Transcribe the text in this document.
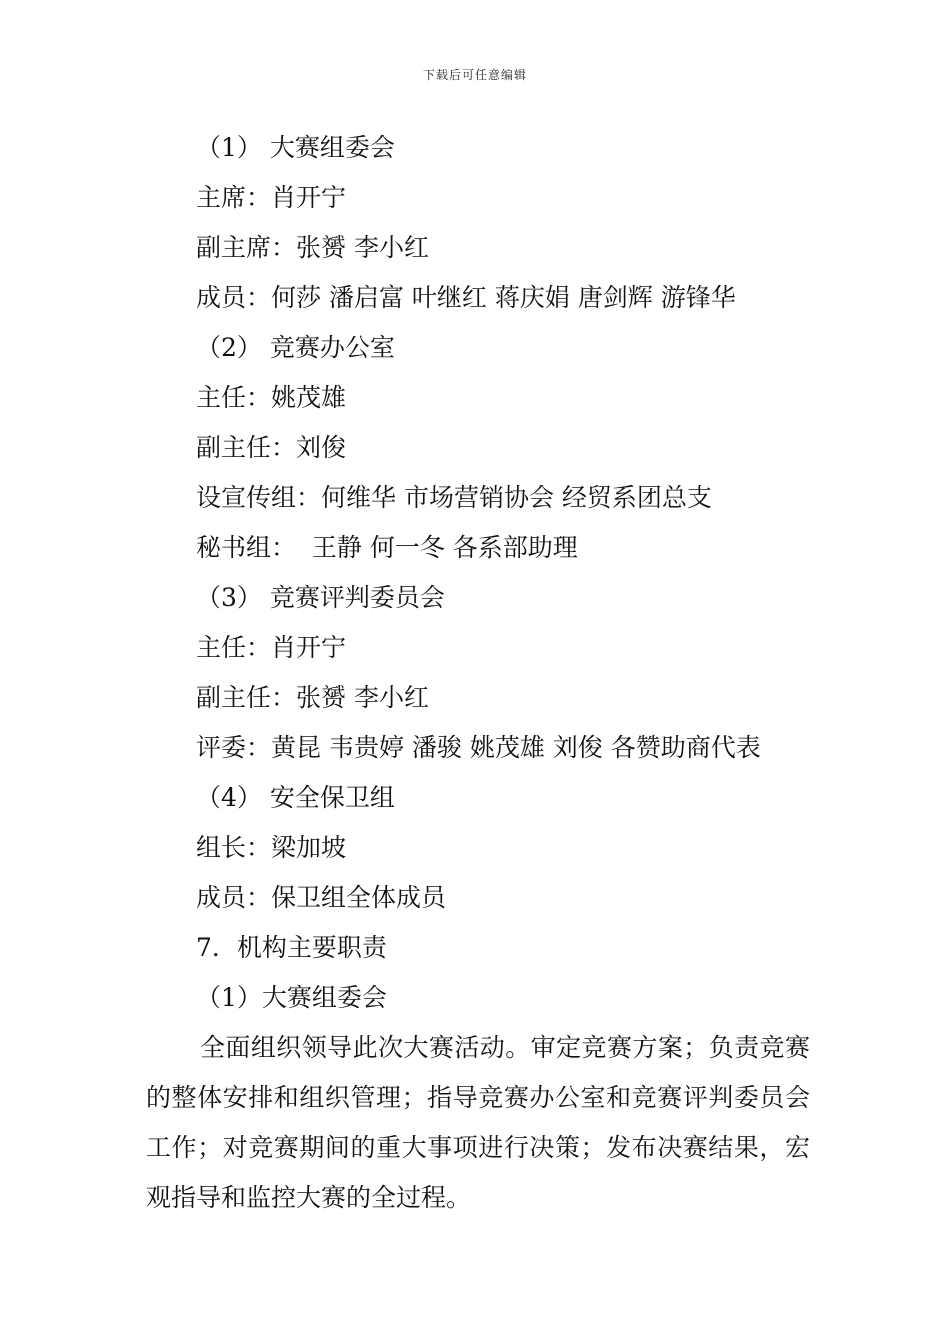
下载后可任意编辑
（1） 大赛组委会
主席：肖开宁
副主席：张赟 李小红
成员：何莎 潘启富 叶继红 蒋庆娟 唐剑辉 游锋华
（2） 竞赛办公室
主任：姚茂雄
副主任：刘俊
设宣传组：何维华 市场营销协会 经贸系团总支
秘书组：  王静 何一冬 各系部助理
（3） 竞赛评判委员会
主任：肖开宁
副主任：张赟 李小红
评委：黄昆 韦贵婷 潘骏 姚茂雄 刘俊 各赞助商代表
（4） 安全保卫组
组长：梁加坡
成员：保卫组全体成员
7．机构主要职责
（1）大赛组委会
全面组织领导此次大赛活动。审定竞赛方案；负责竞赛的整体安排和组织管理；指导竞赛办公室和竞赛评判委员会工作；对竞赛期间的重大事项进行决策；发布决赛结果，宏观指导和监控大赛的全过程。
